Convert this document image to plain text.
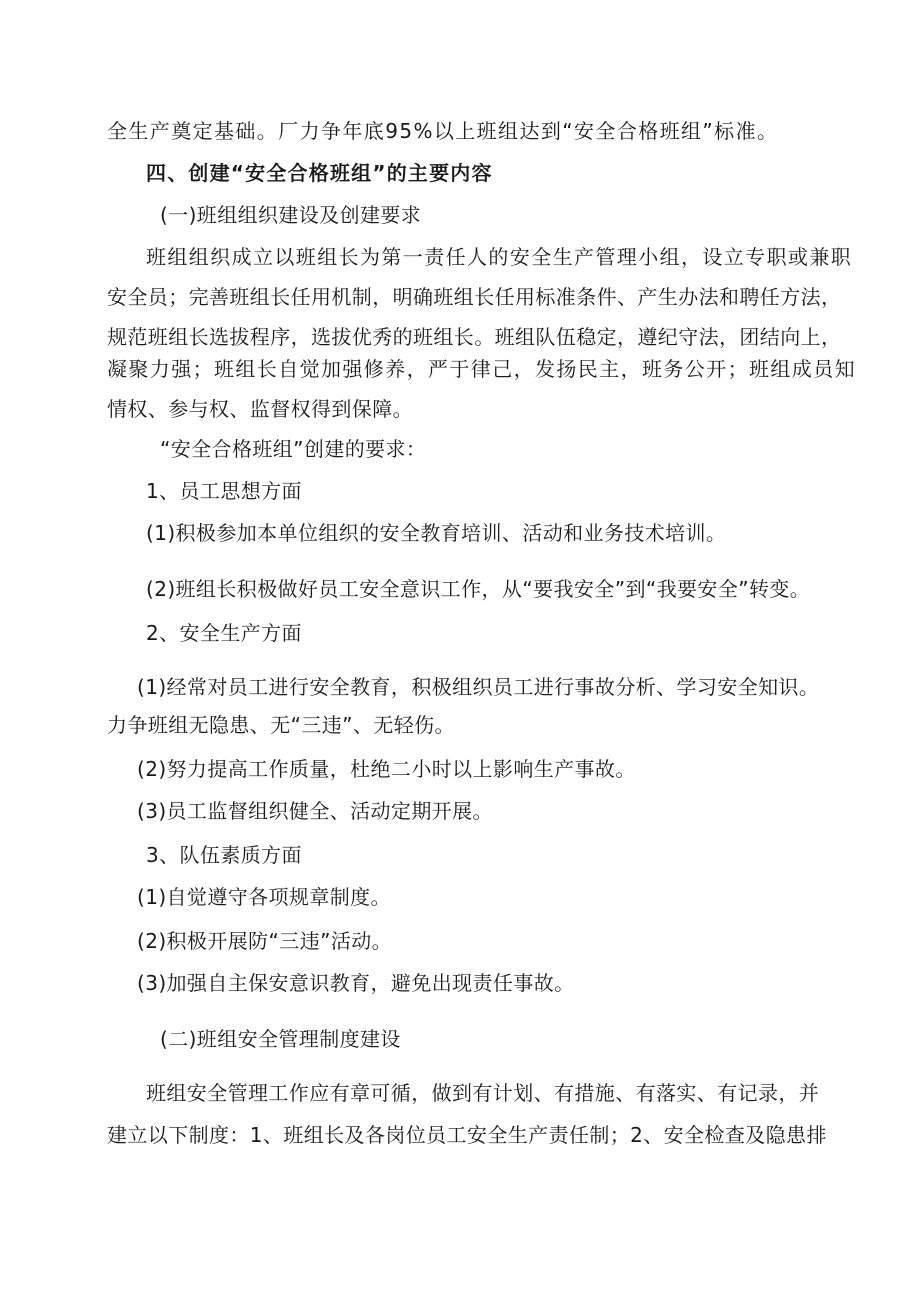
全生产奠定基础。厂力争年底95%以上班组达到“安全合格班组”标准。
四、创建“安全合格班组”的主要内容
(一)班组组织建设及创建要求
班组组织成立以班组长为第一责任人的安全生产管理小组，设立专职或兼职
安全员；完善班组长任用机制，明确班组长任用标准条件、产生办法和聘任方法，
规范班组长选拔程序，选拔优秀的班组长。班组队伍稳定，遵纪守法，团结向上，
凝聚力强；班组长自觉加强修养，严于律己，发扬民主，班务公开；班组成员知
情权、参与权、监督权得到保障。
“安全合格班组”创建的要求：
1、员工思想方面
(1)积极参加本单位组织的安全教育培训、活动和业务技术培训。
(2)班组长积极做好员工安全意识工作，从“要我安全”到“我要安全”转变。
2、安全生产方面
(1)经常对员工进行安全教育，积极组织员工进行事故分析、学习安全知识。
力争班组无隐患、无“三违”、无轻伤。
(2)努力提高工作质量，杜绝二小时以上影响生产事故。
(3)员工监督组织健全、活动定期开展。
3、队伍素质方面
(1)自觉遵守各项规章制度。
(2)积极开展防“三违”活动。
(3)加强自主保安意识教育，避免出现责任事故。
(二)班组安全管理制度建设
班组安全管理工作应有章可循，做到有计划、有措施、有落实、有记录，并
建立以下制度：1、班组长及各岗位员工安全生产责任制；2、安全检查及隐患排
